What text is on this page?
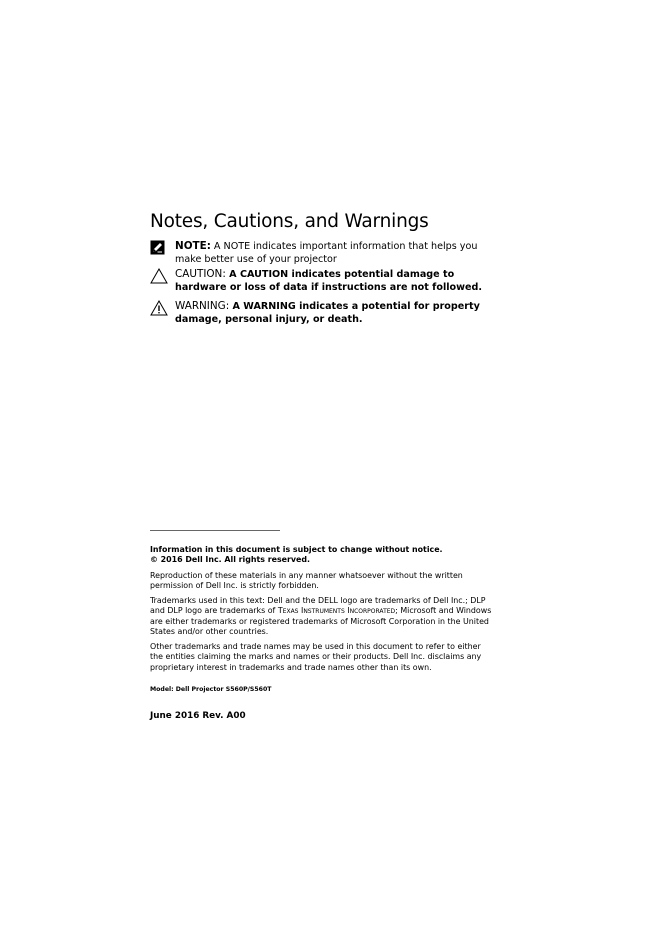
Notes, Cautions, and Warnings
NOTE: A NOTE indicates important information that helps you make better use of your projector
CAUTION: A CAUTION indicates potential damage to hardware or loss of data if instructions are not followed.
WARNING: A WARNING indicates a potential for property damage, personal injury, or death.

Information in this document is subject to change without notice.

© 2016 Dell Inc. All rights reserved.

Reproduction of these materials in any manner whatsoever without the written permission of Dell Inc. is strictly forbidden.

Trademarks used in this text: Dell and the DELL logo are trademarks of Dell Inc.; DLP and DLP logo are trademarks of Texas Instruments Incorporated; Microsoft and Windows are either trademarks or registered trademarks of Microsoft Corporation in the United States and/or other countries.

Other trademarks and trade names may be used in this document to refer to either the entities claiming the marks and names or their products. Dell Inc. disclaims any proprietary interest in trademarks and trade names other than its own.

Model: Dell Projector S560P/S560T

June 2016 Rev. A00
